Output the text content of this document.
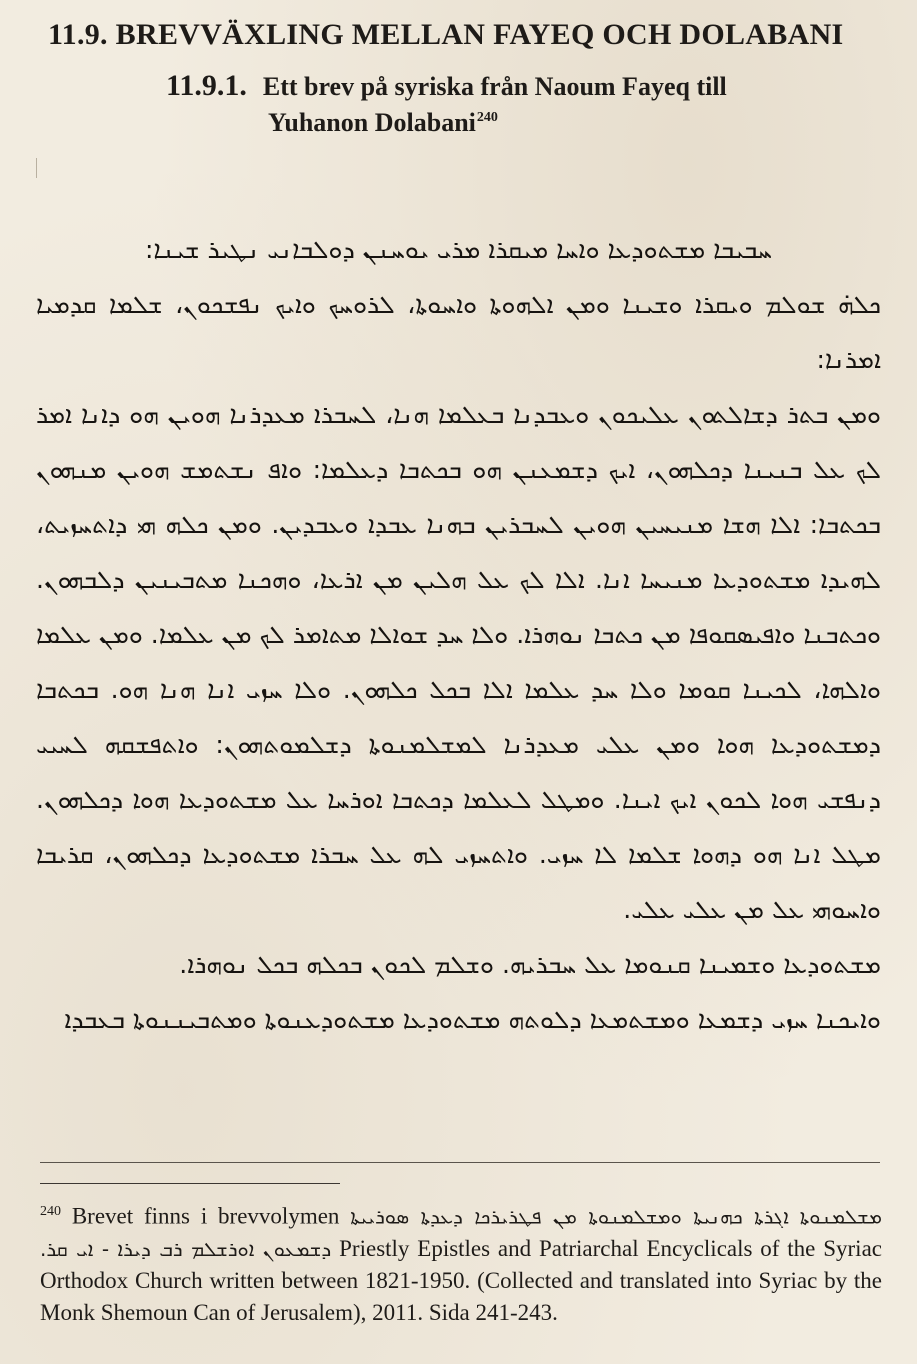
11.9. BREVVÄXLING MELLAN FAYEQ OCH DOLABANI
11.9.1. Ett brev på syriska från Naoum Fayeq till
Yuhanon Dolabani$^{240}$

ܚܒܝܒܐ ܡܫܬܘܕܥܐ ܘܐܚܐ ܡܝܩܪܐ ܡܪܝ ܝܘܚܢܢ ܕܘܠܒܐܢܝ ܢܛܝܪ ܫܝܢܐ:

ܟܠܗ̇ ܫܘܠܡ ܘܝܩܪܐ ܘܫܝܢܐ ܘܡܢ ܐܠܗܘܬܐ ܘܐܚܘܬܐ، ܠܪܘܚܟ ܘܐܝܟ ܢܦܫܟܘܢ، ܫܠܡܐ ܩܕܡܝܐ ܐܡܪܢܐ:

ܘܡܢ ܒܬܪ ܕܫܐܠܬܘܢ ܥܠܝܟܘܢ ܘܥܒܕܢܐ ܒܥܠܡܐ ܗܢܐ، ܠܚܒܪܐ ܡܥܕܪܢܐ ܗܘܝܢ ܗܘ ܕܐܢܐ ܐܡܪ ܠܟ ܥܠ ܒܢܝܢܐ ܕܟܠܗܘܢ، ܐܝܟ ܕܫܡܥܢܢ ܗܘ ܒܟܬܒܐ ܕܥܠܡܐ: ܘܐܦ ܢܫܬܡܫ ܗܘܝܢ ܡܢܗܘܢ ܒܟܬܒܐ: ܐܠܐ ܗܫܐ ܡܢܝܚܝܢ ܗܘܝܢ ܠܚܒܪܝܢ ܒܗܢܐ ܥܒܕܐ ܘܥܒܕܝܢ. ܘܡܢ ܟܠܗ ܗܝ ܕܐܬܚܙܝܬ، ܠܗܝܕܐ ܡܫܬܘܕܥܐ ܡܢܝܚܐ ܐܢܐ. ܐܠܐ ܠܟ ܥܠ ܗܠܝܢ ܡܢ ܐܪܥܐ، ܘܗܟܢܐ ܡܬܒܝܢܝܢ ܕܠܒܗܘܢ. ܘܟܬܒܢܐ ܘܐܦܝܣܩܘܦܐ ܡܢ ܟܬܒܐ ܢܘܗܪܐ. ܘܠܐ ܚܕ ܫܘܐܠܐ ܡܬܐܡܪ ܠܟ ܡܢ ܥܠܡܐ. ܘܡܢ ܥܠܡܐ ܘܐܠܗܐ، ܠܟܝܢܐ ܩܘܡܐ ܘܠܐ ܚܕ ܥܠܡܐ ܐܠܐ ܒܟܠ ܟܠܗܘܢ. ܘܠܐ ܚܙܝ ܐܢܐ ܗܢܐ ܗܘ. ܒܟܬܒܐ ܕܡܫܬܘܕܥܐ ܗܘܐ ܘܡܢ ܥܠܝ ܡܥܕܪܢܐ ܠܡܫܠܡܢܘܬܐ ܕܫܠܡܘܬܗܘܢ: ܘܐܬܦܫܩܗ ܠܚܝܝ ܕܢܦܫܝ ܗܘܐ ܠܟܘܢ ܐܝܟ ܐܝܢܐ. ܘܡܛܠ ܠܥܠܡܐ ܕܟܬܒܐ ܐܘܪܚܐ ܥܠ ܡܫܬܘܕܥܐ ܗܘܐ ܕܟܠܗܘܢ. ܡܛܠ ܐܢܐ ܗܘ ܕܗܘܐ ܫܠܡܐ ܠܐ ܚܙܝ. ܘܐܬܚܙܝ ܠܗ ܥܠ ܚܒܪܐ ܡܫܬܘܕܥܐ ܕܟܠܗܘܢ، ܩܪܝܒܐ ܘܐܚܘܗܝ ܥܠ ܡܢ ܥܠܝ ܥܠܝ.

ܡܫܬܘܕܥܐ ܘܫܡܝܢܐ ܩܢܘܡܐ ܥܠ ܚܒܪܝܗ. ܘܫܠܡ ܠܟܘܢ ܒܟܠܗ ܒܟܠ ܢܘܗܪܐ.

ܘܐܝܟܢܐ ܚܙܝ ܕܫܡܥܐ ܘܡܫܬܡܥܐ ܕܠܘܬܗ ܡܫܬܘܕܥܐ ܡܫܬܘܕܥܢܘܬܐ ܘܡܬܒܝܢܢܘܬܐ ܒܥܒܕܐ

$^{240}$ Brevet finns i brevvolymen ܐܓܪܬܐ ܟܗܢܝܬܐ ܘܡܫܠܡܢܘܬܐ ܡܢ ܦܛܪܝܪܟܐ ܕܥܕܬܐ ܣܘܪܝܝܬܐ ܡܫܠܡܢܘܬܐ ܕܫܡܥܘܢ ܐܘܪܫܠܡ ܪܒ ܕܝܪܐ - ܐܝ ܩܪ. Priestly Epistles and Patriarchal Encyclicals of the Syriac Orthodox Church written between 1821-1950. (Collected and translated into Syriac by the Monk Shemoun Can of Jerusalem), 2011. Sida 241-243.
